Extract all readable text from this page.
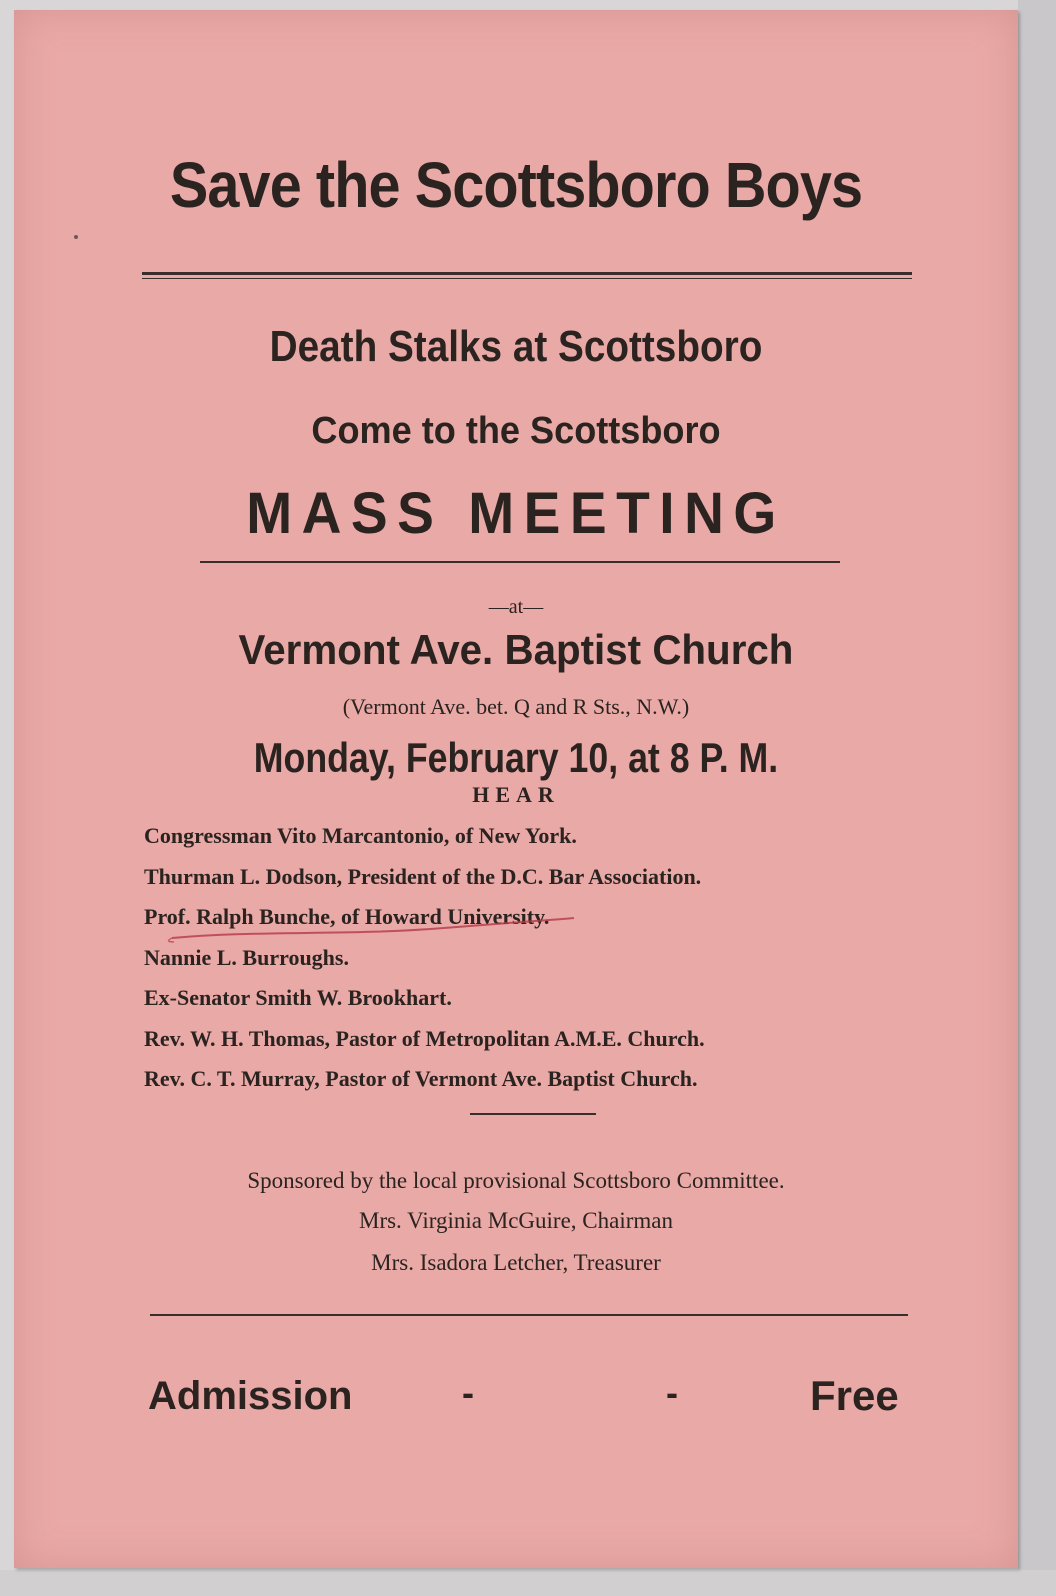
Save the Scottsboro Boys
Death Stalks at Scottsboro
Come to the Scottsboro
MASS MEETING
—at—
Vermont Ave. Baptist Church
(Vermont Ave. bet. Q and R Sts., N.W.)
Monday, February 10, at 8 P. M.
HEAR
Congressman Vito Marcantonio, of New York.
Thurman L. Dodson, President of the D.C. Bar Association.
Prof. Ralph Bunche, of Howard University.
Nannie L. Burroughs.
Ex-Senator Smith W. Brookhart.
Rev. W. H. Thomas, Pastor of Metropolitan A.M.E. Church.
Rev. C. T. Murray, Pastor of Vermont Ave. Baptist Church.
Sponsored by the local provisional Scottsboro Committee.
Mrs. Virginia McGuire, Chairman
Mrs. Isadora Letcher, Treasurer
Admission	-	-	Free
